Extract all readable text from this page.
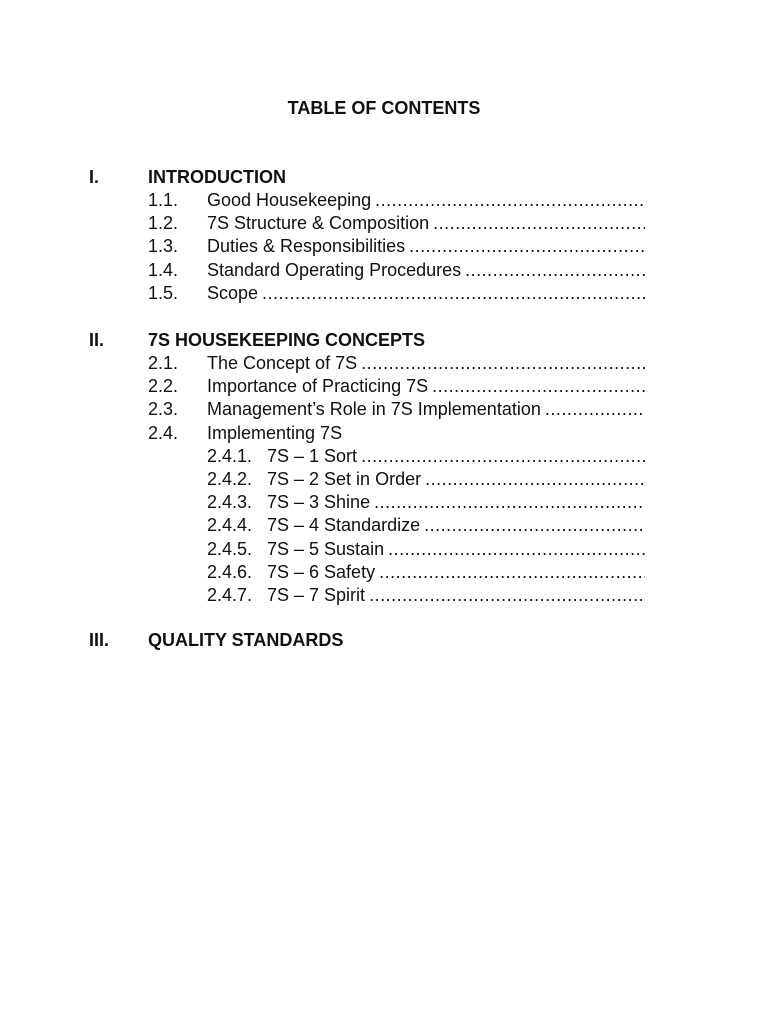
TABLE OF CONTENTS
I.	INTRODUCTION
1.1. Good Housekeeping
.....
1.2. 7S Structure & Composition
.....
1.3. Duties & Responsibilities
.....
1.4. Standard Operating Procedures
.....
1.5. Scope
.....
II. 7S HOUSEKEEPING CONCEPTS
2.1. The Concept of 7S
.....
2.2. Importance of Practicing 7S
.....
2.3. Management’s Role in 7S Implementation
.....
2.4. Implementing 7S
2.4.1. 7S – 1 Sort
.....
2.4.2. 7S – 2 Set in Order
.....
2.4.3. 7S – 3 Shine
.....
2.4.4. 7S – 4 Standardize
.....
2.4.5. 7S – 5 Sustain
.....
2.4.6. 7S – 6 Safety
.....
2.4.7. 7S – 7 Spirit
.....
III. QUALITY STANDARDS
